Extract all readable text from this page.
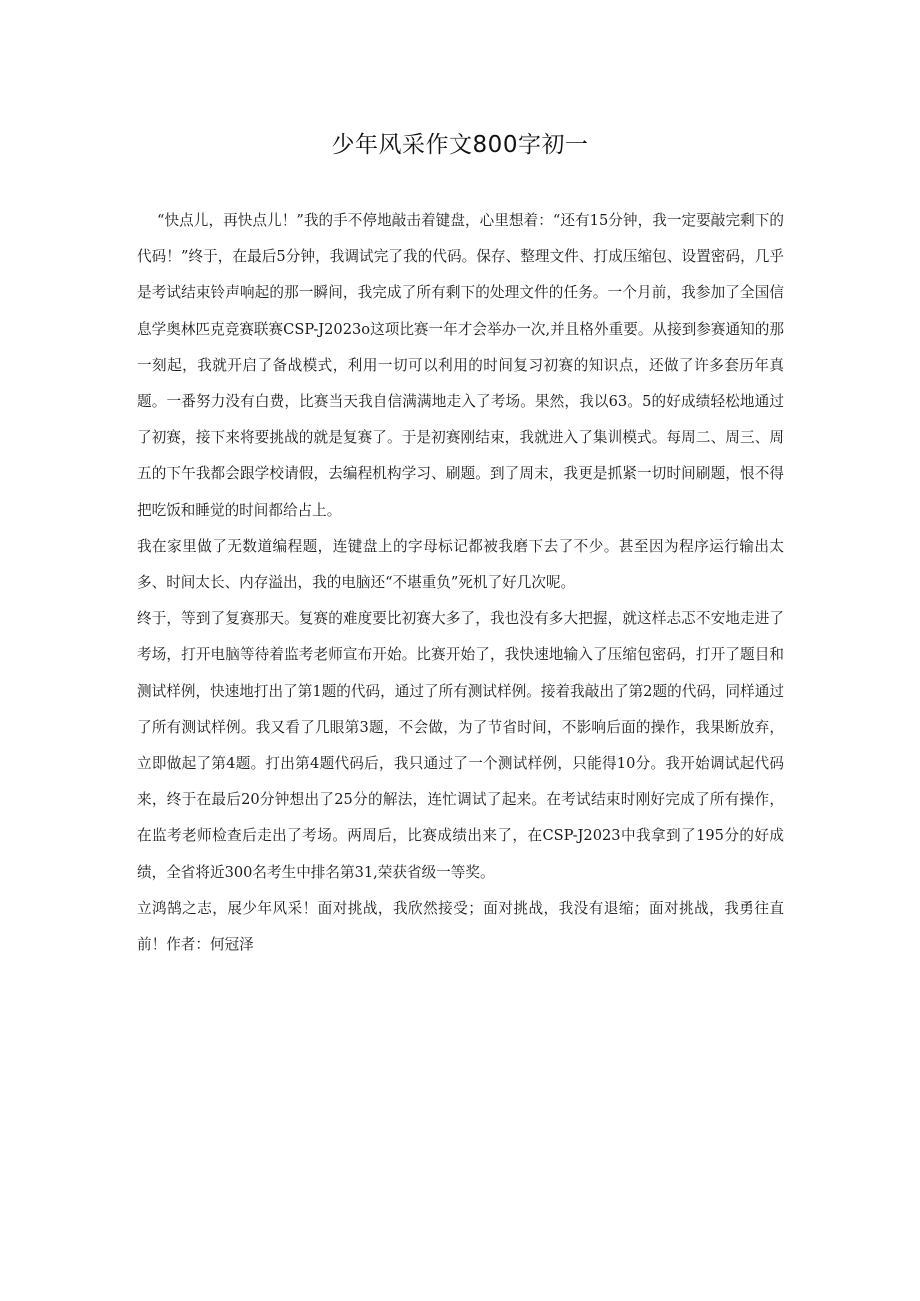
少年风采作文800字初一

“快点儿，再快点儿！”我的手不停地敲击着键盘，心里想着：“还有15分钟，我一定要敲完剩下的代码！”终于，在最后5分钟，我调试完了我的代码。保存、整理文件、打成压缩包、设置密码，几乎是考试结束铃声响起的那一瞬间，我完成了所有剩下的处理文件的任务。一个月前，我参加了全国信息学奥林匹克竞赛联赛CSP-J2023o这项比赛一年才会举办一次,并且格外重要。从接到参赛通知的那一刻起，我就开启了备战模式，利用一切可以利用的时间复习初赛的知识点，还做了许多套历年真题。一番努力没有白费，比赛当天我自信满满地走入了考场。果然，我以63。5的好成绩轻松地通过了初赛，接下来将要挑战的就是复赛了。于是初赛刚结束，我就进入了集训模式。每周二、周三、周五的下午我都会跟学校请假，去编程机构学习、刷题。到了周末，我更是抓紧一切时间刷题，恨不得把吃饭和睡觉的时间都给占上。

我在家里做了无数道编程题，连键盘上的字母标记都被我磨下去了不少。甚至因为程序运行输出太多、时间太长、内存溢出，我的电脑还“不堪重负”死机了好几次呢。

终于，等到了复赛那天。复赛的难度要比初赛大多了，我也没有多大把握，就这样忐忑不安地走进了考场，打开电脑等待着监考老师宣布开始。比赛开始了，我快速地输入了压缩包密码，打开了题目和测试样例，快速地打出了第1题的代码，通过了所有测试样例。接着我敲出了第2题的代码，同样通过了所有测试样例。我又看了几眼第3题，不会做，为了节省时间，不影响后面的操作，我果断放弃，立即做起了第4题。打出第4题代码后，我只通过了一个测试样例，只能得10分。我开始调试起代码来，终于在最后20分钟想出了25分的解法，连忙调试了起来。在考试结束时刚好完成了所有操作，在监考老师检查后走出了考场。两周后，比赛成绩出来了，在CSP-J2023中我拿到了195分的好成绩，全省将近300名考生中排名第31,荣获省级一等奖。

立鸿鹄之志，展少年风采！面对挑战，我欣然接受；面对挑战，我没有退缩；面对挑战，我勇往直前！作者：何冠泽
